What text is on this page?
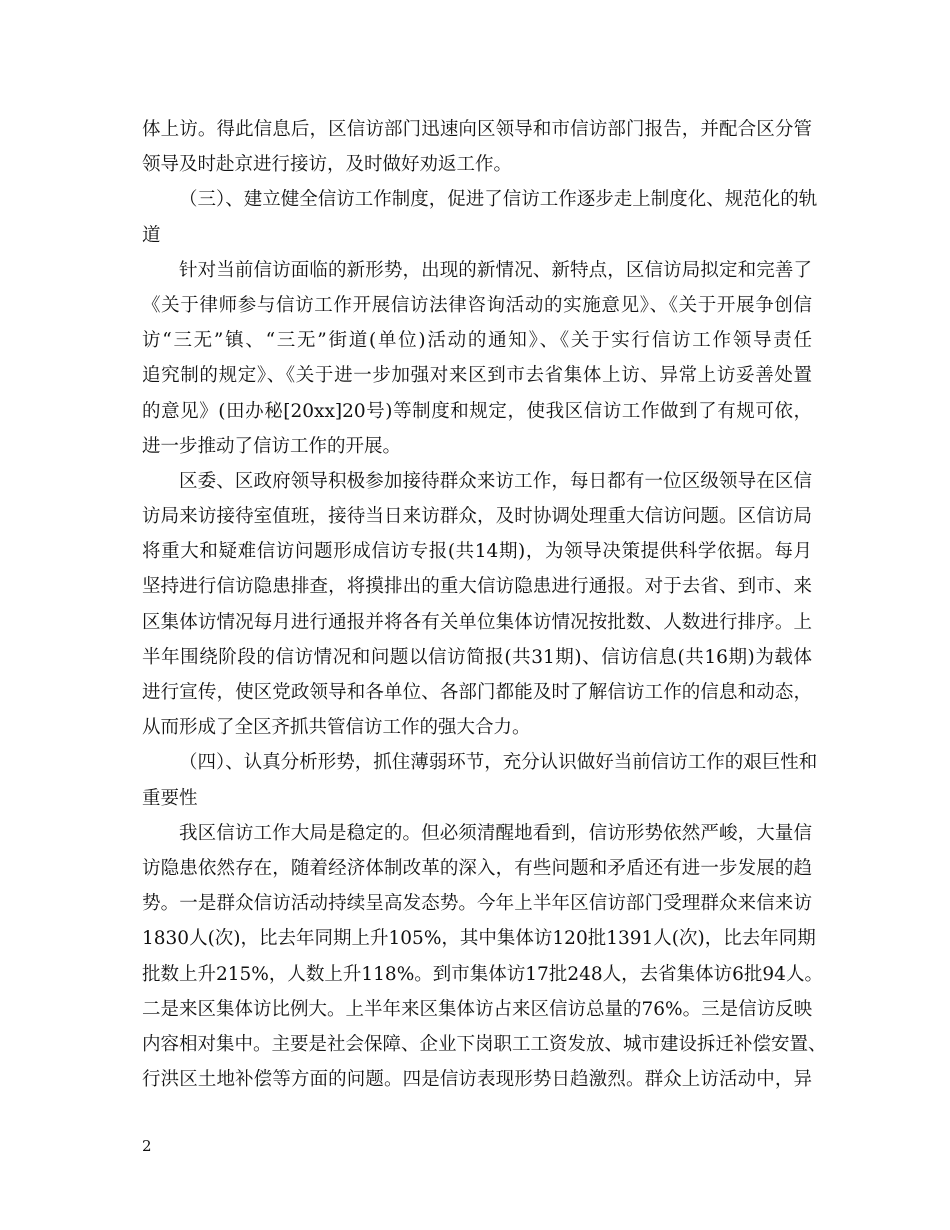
体上访。得此信息后，区信访部门迅速向区领导和市信访部门报告，并配合区分管
领导及时赴京进行接访，及时做好劝返工作。
（三）、建立健全信访工作制度，促进了信访工作逐步走上制度化、规范化的轨
道
针对当前信访面临的新形势，出现的新情况、新特点，区信访局拟定和完善了
《关于律师参与信访工作开展信访法律咨询活动的实施意见》、《关于开展争创信
访“三无”镇、“三无”街道(单位)活动的通知》、《关于实行信访工作领导责任
追究制的规定》、《关于进一步加强对来区到市去省集体上访、异常上访妥善处置
的意见》(田办秘[20xx]20号)等制度和规定，使我区信访工作做到了有规可依，
进一步推动了信访工作的开展。
区委、区政府领导积极参加接待群众来访工作，每日都有一位区级领导在区信
访局来访接待室值班，接待当日来访群众，及时协调处理重大信访问题。区信访局
将重大和疑难信访问题形成信访专报(共14期)，为领导决策提供科学依据。每月
坚持进行信访隐患排查，将摸排出的重大信访隐患进行通报。对于去省、到市、来
区集体访情况每月进行通报并将各有关单位集体访情况按批数、人数进行排序。上
半年围绕阶段的信访情况和问题以信访简报(共31期)、信访信息(共16期)为载体
进行宣传，使区党政领导和各单位、各部门都能及时了解信访工作的信息和动态，
从而形成了全区齐抓共管信访工作的强大合力。
（四）、认真分析形势，抓住薄弱环节，充分认识做好当前信访工作的艰巨性和
重要性
我区信访工作大局是稳定的。但必须清醒地看到，信访形势依然严峻，大量信
访隐患依然存在，随着经济体制改革的深入，有些问题和矛盾还有进一步发展的趋
势。一是群众信访活动持续呈高发态势。今年上半年区信访部门受理群众来信来访
1830人(次)，比去年同期上升105%，其中集体访120批1391人(次)，比去年同期
批数上升215%，人数上升118%。到市集体访17批248人，去省集体访6批94人。
二是来区集体访比例大。上半年来区集体访占来区信访总量的76%。三是信访反映
内容相对集中。主要是社会保障、企业下岗职工工资发放、城市建设拆迁补偿安置、
行洪区土地补偿等方面的问题。四是信访表现形势日趋激烈。群众上访活动中，异
2
